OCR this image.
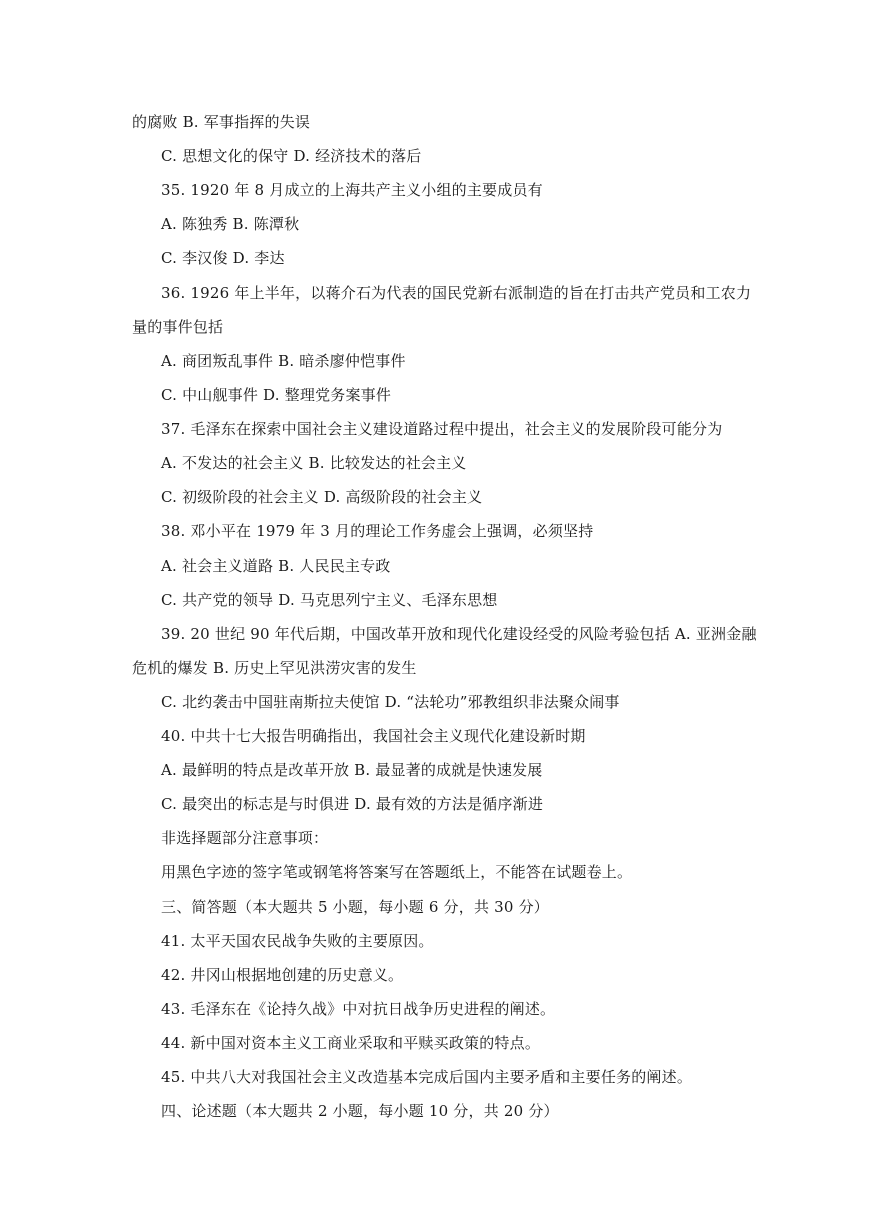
的腐败 B. 军事指挥的失误
C. 思想文化的保守 D. 经济技术的落后
35. 1920 年 8 月成立的上海共产主义小组的主要成员有
A. 陈独秀 B. 陈潭秋
C. 李汉俊 D. 李达
36. 1926 年上半年，以蒋介石为代表的国民党新右派制造的旨在打击共产党员和工农力
量的事件包括
A. 商团叛乱事件 B. 暗杀廖仲恺事件
C. 中山舰事件 D. 整理党务案事件
37. 毛泽东在探索中国社会主义建设道路过程中提出，社会主义的发展阶段可能分为
A. 不发达的社会主义 B. 比较发达的社会主义
C. 初级阶段的社会主义 D. 高级阶段的社会主义
38. 邓小平在 1979 年 3 月的理论工作务虚会上强调，必须坚持
A. 社会主义道路 B. 人民民主专政
C. 共产党的领导 D. 马克思列宁主义、毛泽东思想
39. 20 世纪 90 年代后期，中国改革开放和现代化建设经受的风险考验包括 A. 亚洲金融
危机的爆发 B. 历史上罕见洪涝灾害的发生
C. 北约袭击中国驻南斯拉夫使馆 D. “法轮功”邪教组织非法聚众闹事
40. 中共十七大报告明确指出，我国社会主义现代化建设新时期
A. 最鲜明的特点是改革开放 B. 最显著的成就是快速发展
C. 最突出的标志是与时俱进 D. 最有效的方法是循序渐进
非选择题部分注意事项：
用黑色字迹的签字笔或钢笔将答案写在答题纸上，不能答在试题卷上。
三、简答题（本大题共 5 小题，每小题 6 分，共 30 分）
41. 太平天国农民战争失败的主要原因。
42. 井冈山根据地创建的历史意义。
43. 毛泽东在《论持久战》中对抗日战争历史进程的阐述。
44. 新中国对资本主义工商业采取和平赎买政策的特点。
45. 中共八大对我国社会主义改造基本完成后国内主要矛盾和主要任务的阐述。
四、论述题（本大题共 2 小题，每小题 10 分，共 20 分）
